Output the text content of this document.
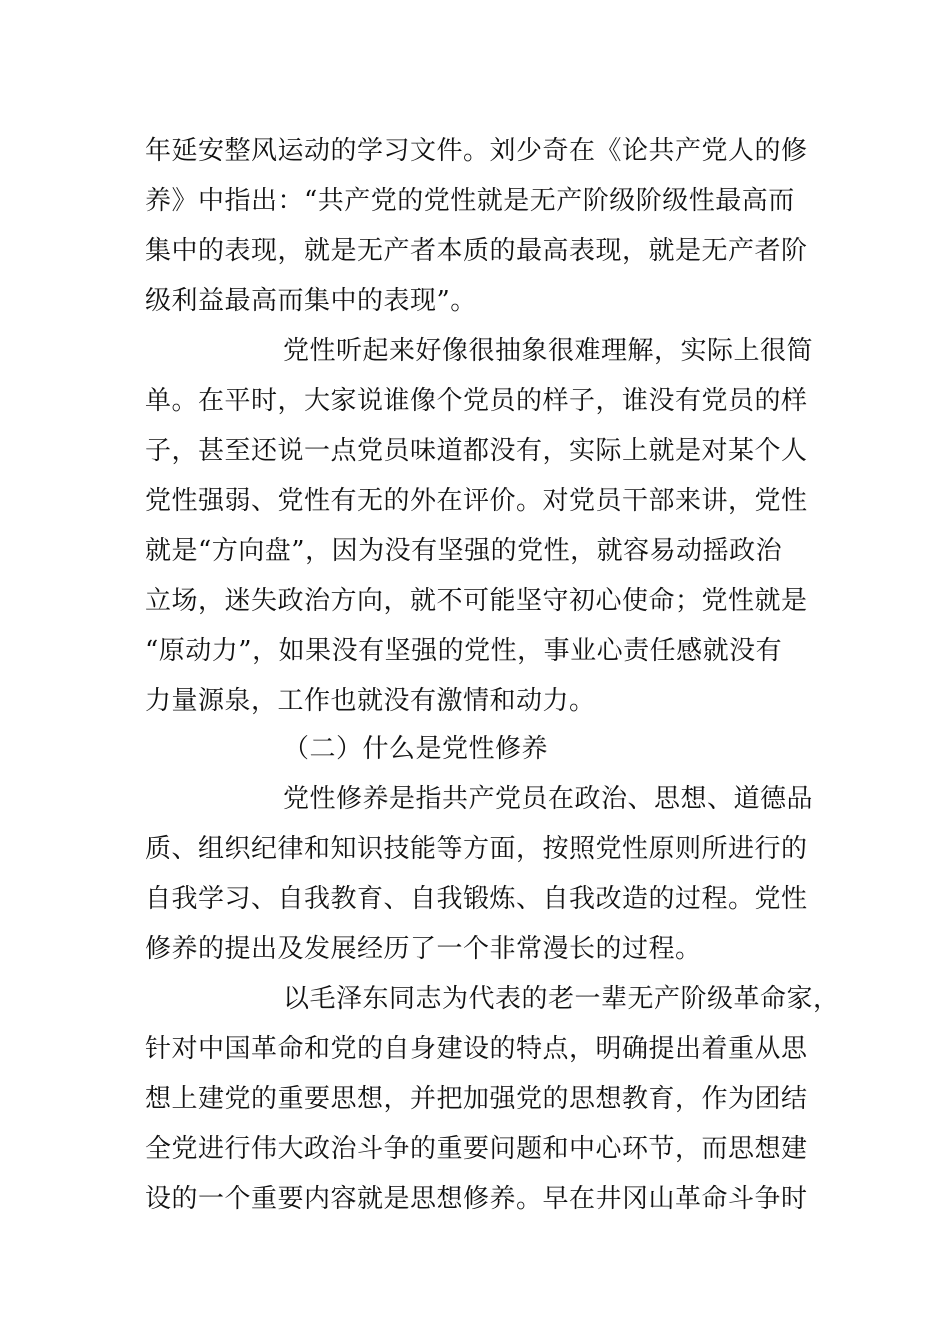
年延安整风运动的学习文件。刘少奇在《论共产党人的修
养》中指出：“共产党的党性就是无产阶级阶级性最高而
集中的表现，就是无产者本质的最高表现，就是无产者阶
级利益最高而集中的表现”。
党性听起来好像很抽象很难理解，实际上很简
单。在平时，大家说谁像个党员的样子，谁没有党员的样
子，甚至还说一点党员味道都没有，实际上就是对某个人
党性强弱、党性有无的外在评价。对党员干部来讲，党性
就是“方向盘”，因为没有坚强的党性，就容易动摇政治
立场，迷失政治方向，就不可能坚守初心使命；党性就是
“原动力”，如果没有坚强的党性，事业心责任感就没有
力量源泉，工作也就没有激情和动力。
（二）什么是党性修养
党性修养是指共产党员在政治、思想、道德品
质、组织纪律和知识技能等方面，按照党性原则所进行的
自我学习、自我教育、自我锻炼、自我改造的过程。党性
修养的提出及发展经历了一个非常漫长的过程。
以毛泽东同志为代表的老一辈无产阶级革命家，
针对中国革命和党的自身建设的特点，明确提出着重从思
想上建党的重要思想，并把加强党的思想教育，作为团结
全党进行伟大政治斗争的重要问题和中心环节，而思想建
设的一个重要内容就是思想修养。早在井冈山革命斗争时
